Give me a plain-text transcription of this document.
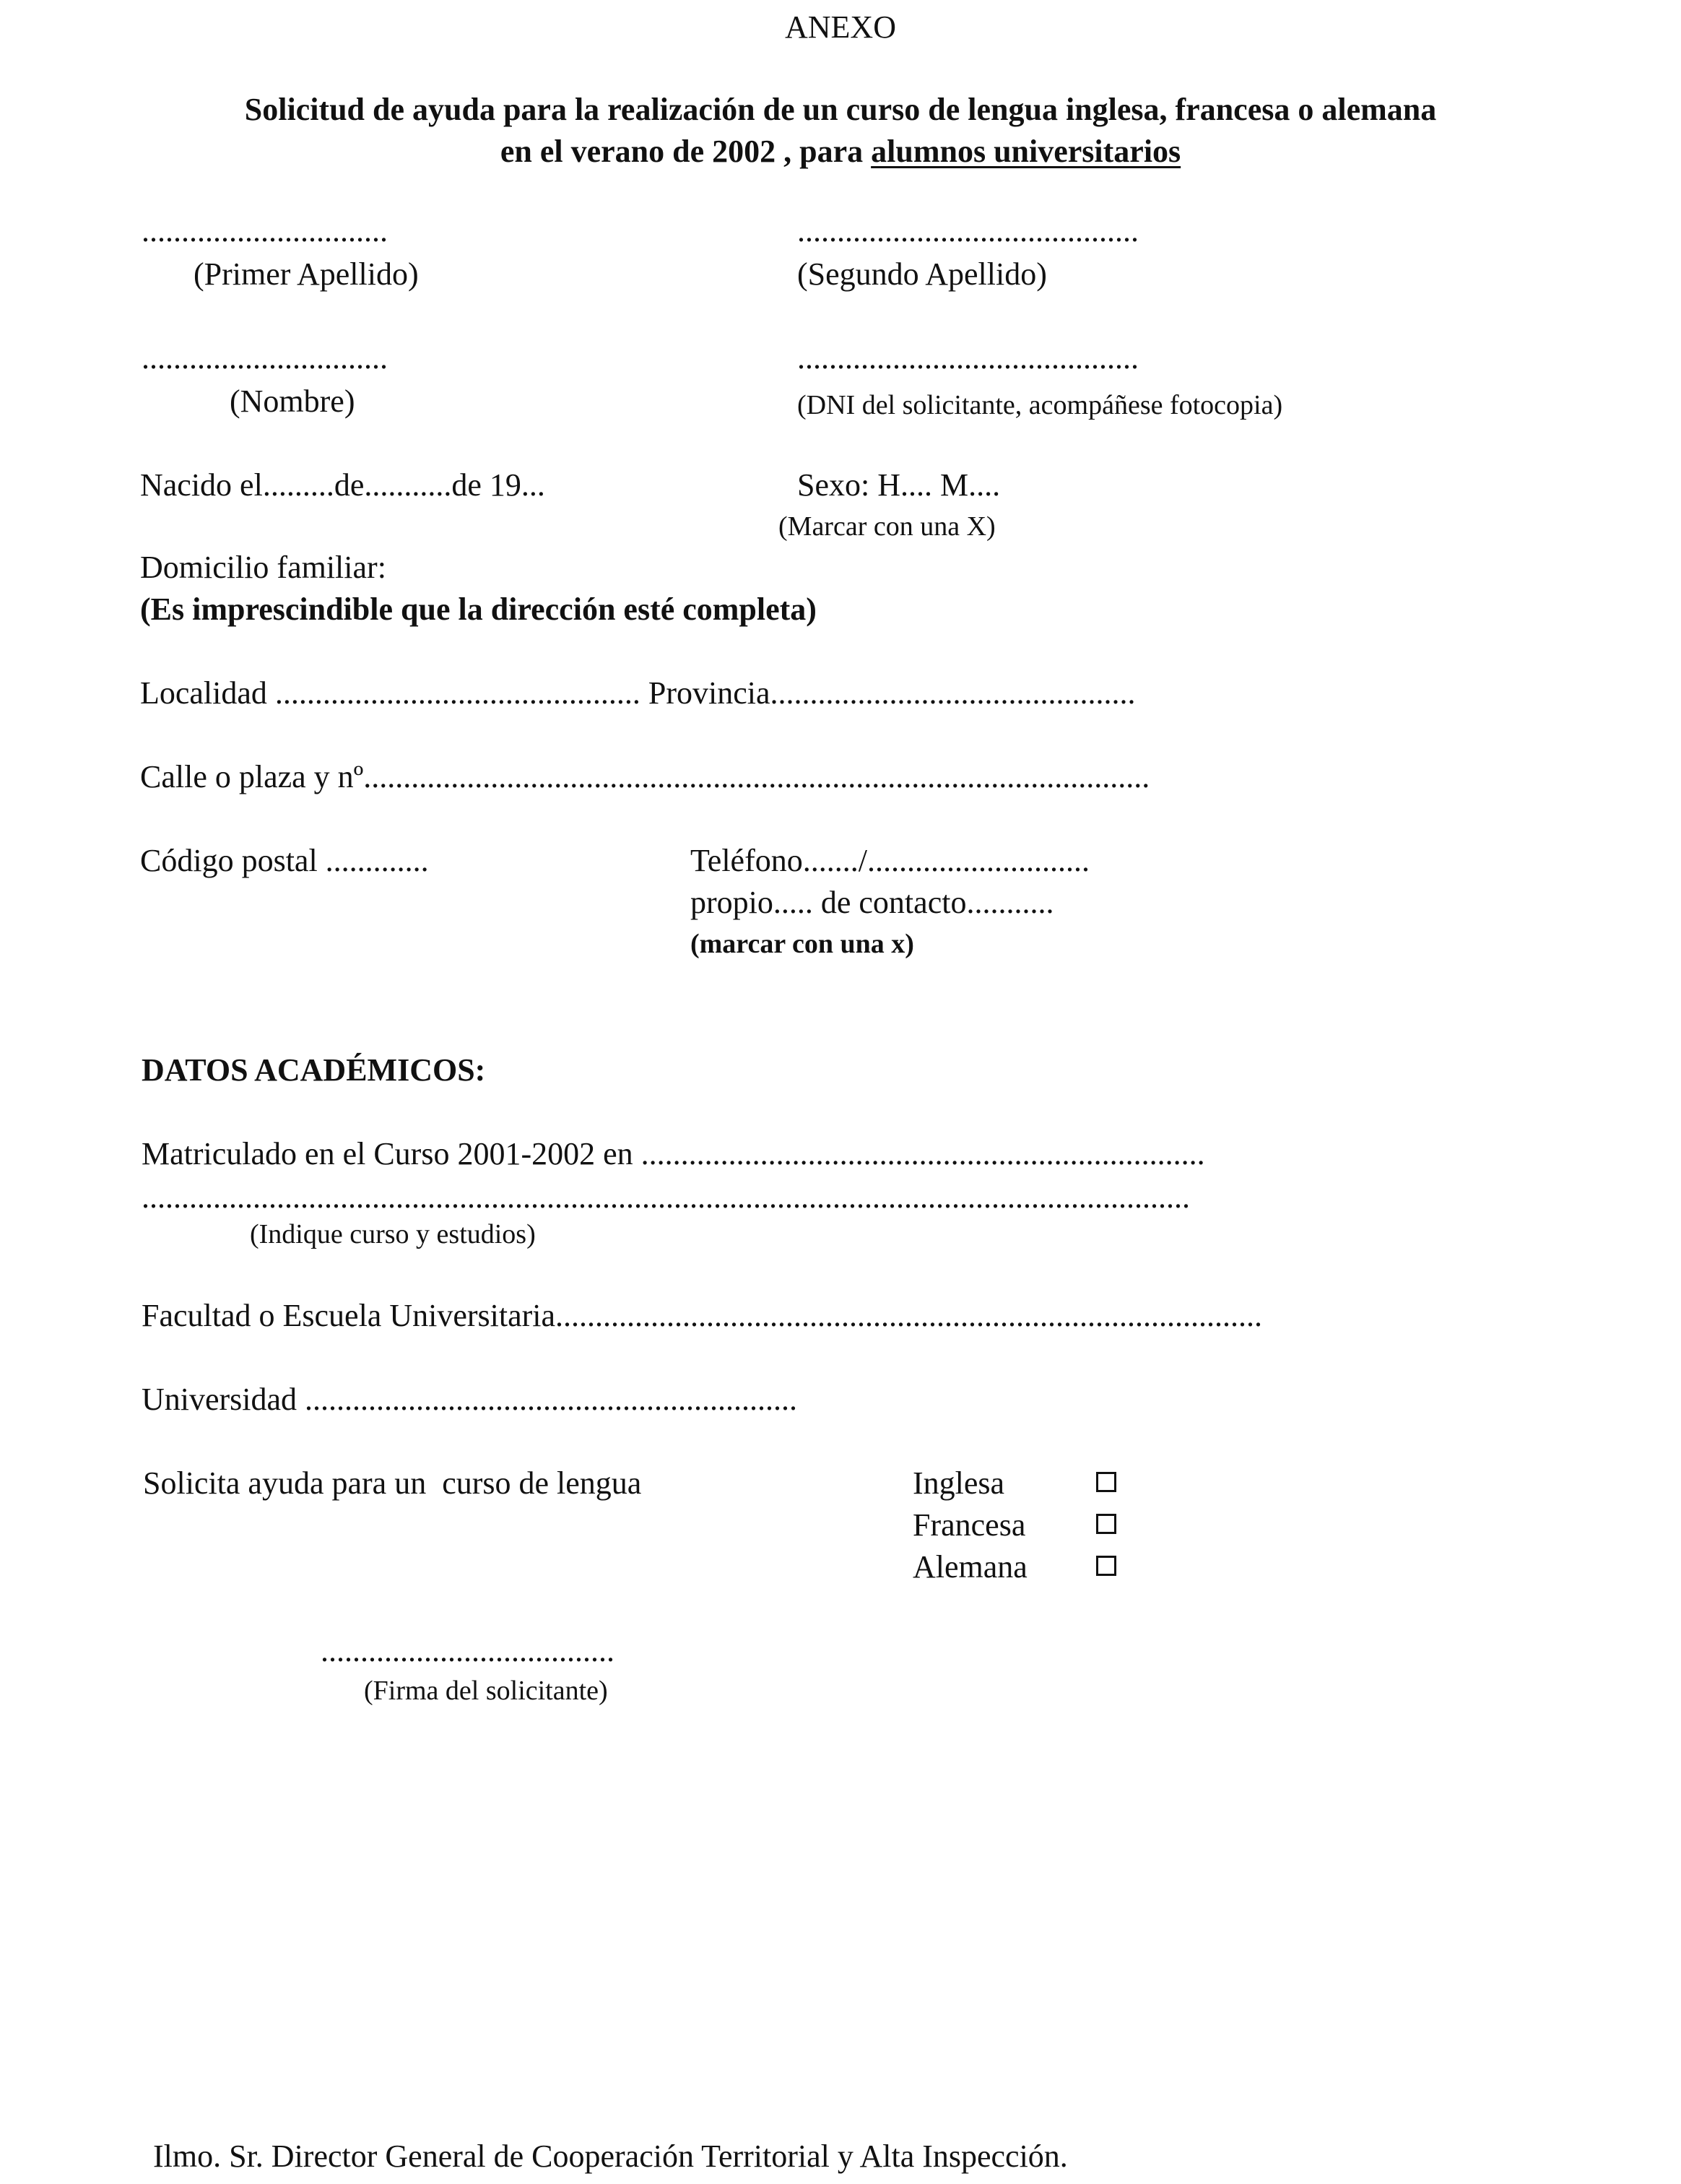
ANEXO
Solicitud de ayuda para la realización de un curso de lengua inglesa, francesa o alemana
en el verano de 2002 , para alumnos universitarios
...............................
(Primer Apellido)
...........................................
(Segundo Apellido)
...............................
(Nombre)
...........................................
(DNI del solicitante, acompáñese fotocopia)
Nacido el.........de...........de 19...	Sexo: H.... M....
(Marcar con una X)
Domicilio familiar:
(Es imprescindible que la dirección esté completa)
Localidad .............................................. Provincia..............................................
Calle o plaza y nº...................................................................................................
Código postal .............	Teléfono......./............................
propio..... de contacto...........
(marcar con una x)
DATOS ACADÉMICOS:
Matriculado en el Curso 2001-2002 en .......................................................................
....................................................................................................................................
(Indique curso y estudios)
Facultad o Escuela Universitaria.........................................................................................
Universidad ..............................................................
Solicita ayuda para un  curso de lengua	Inglesa
Francesa
Alemana
.....................................
(Firma del solicitante)
Ilmo. Sr. Director General de Cooperación Territorial y Alta Inspección.
